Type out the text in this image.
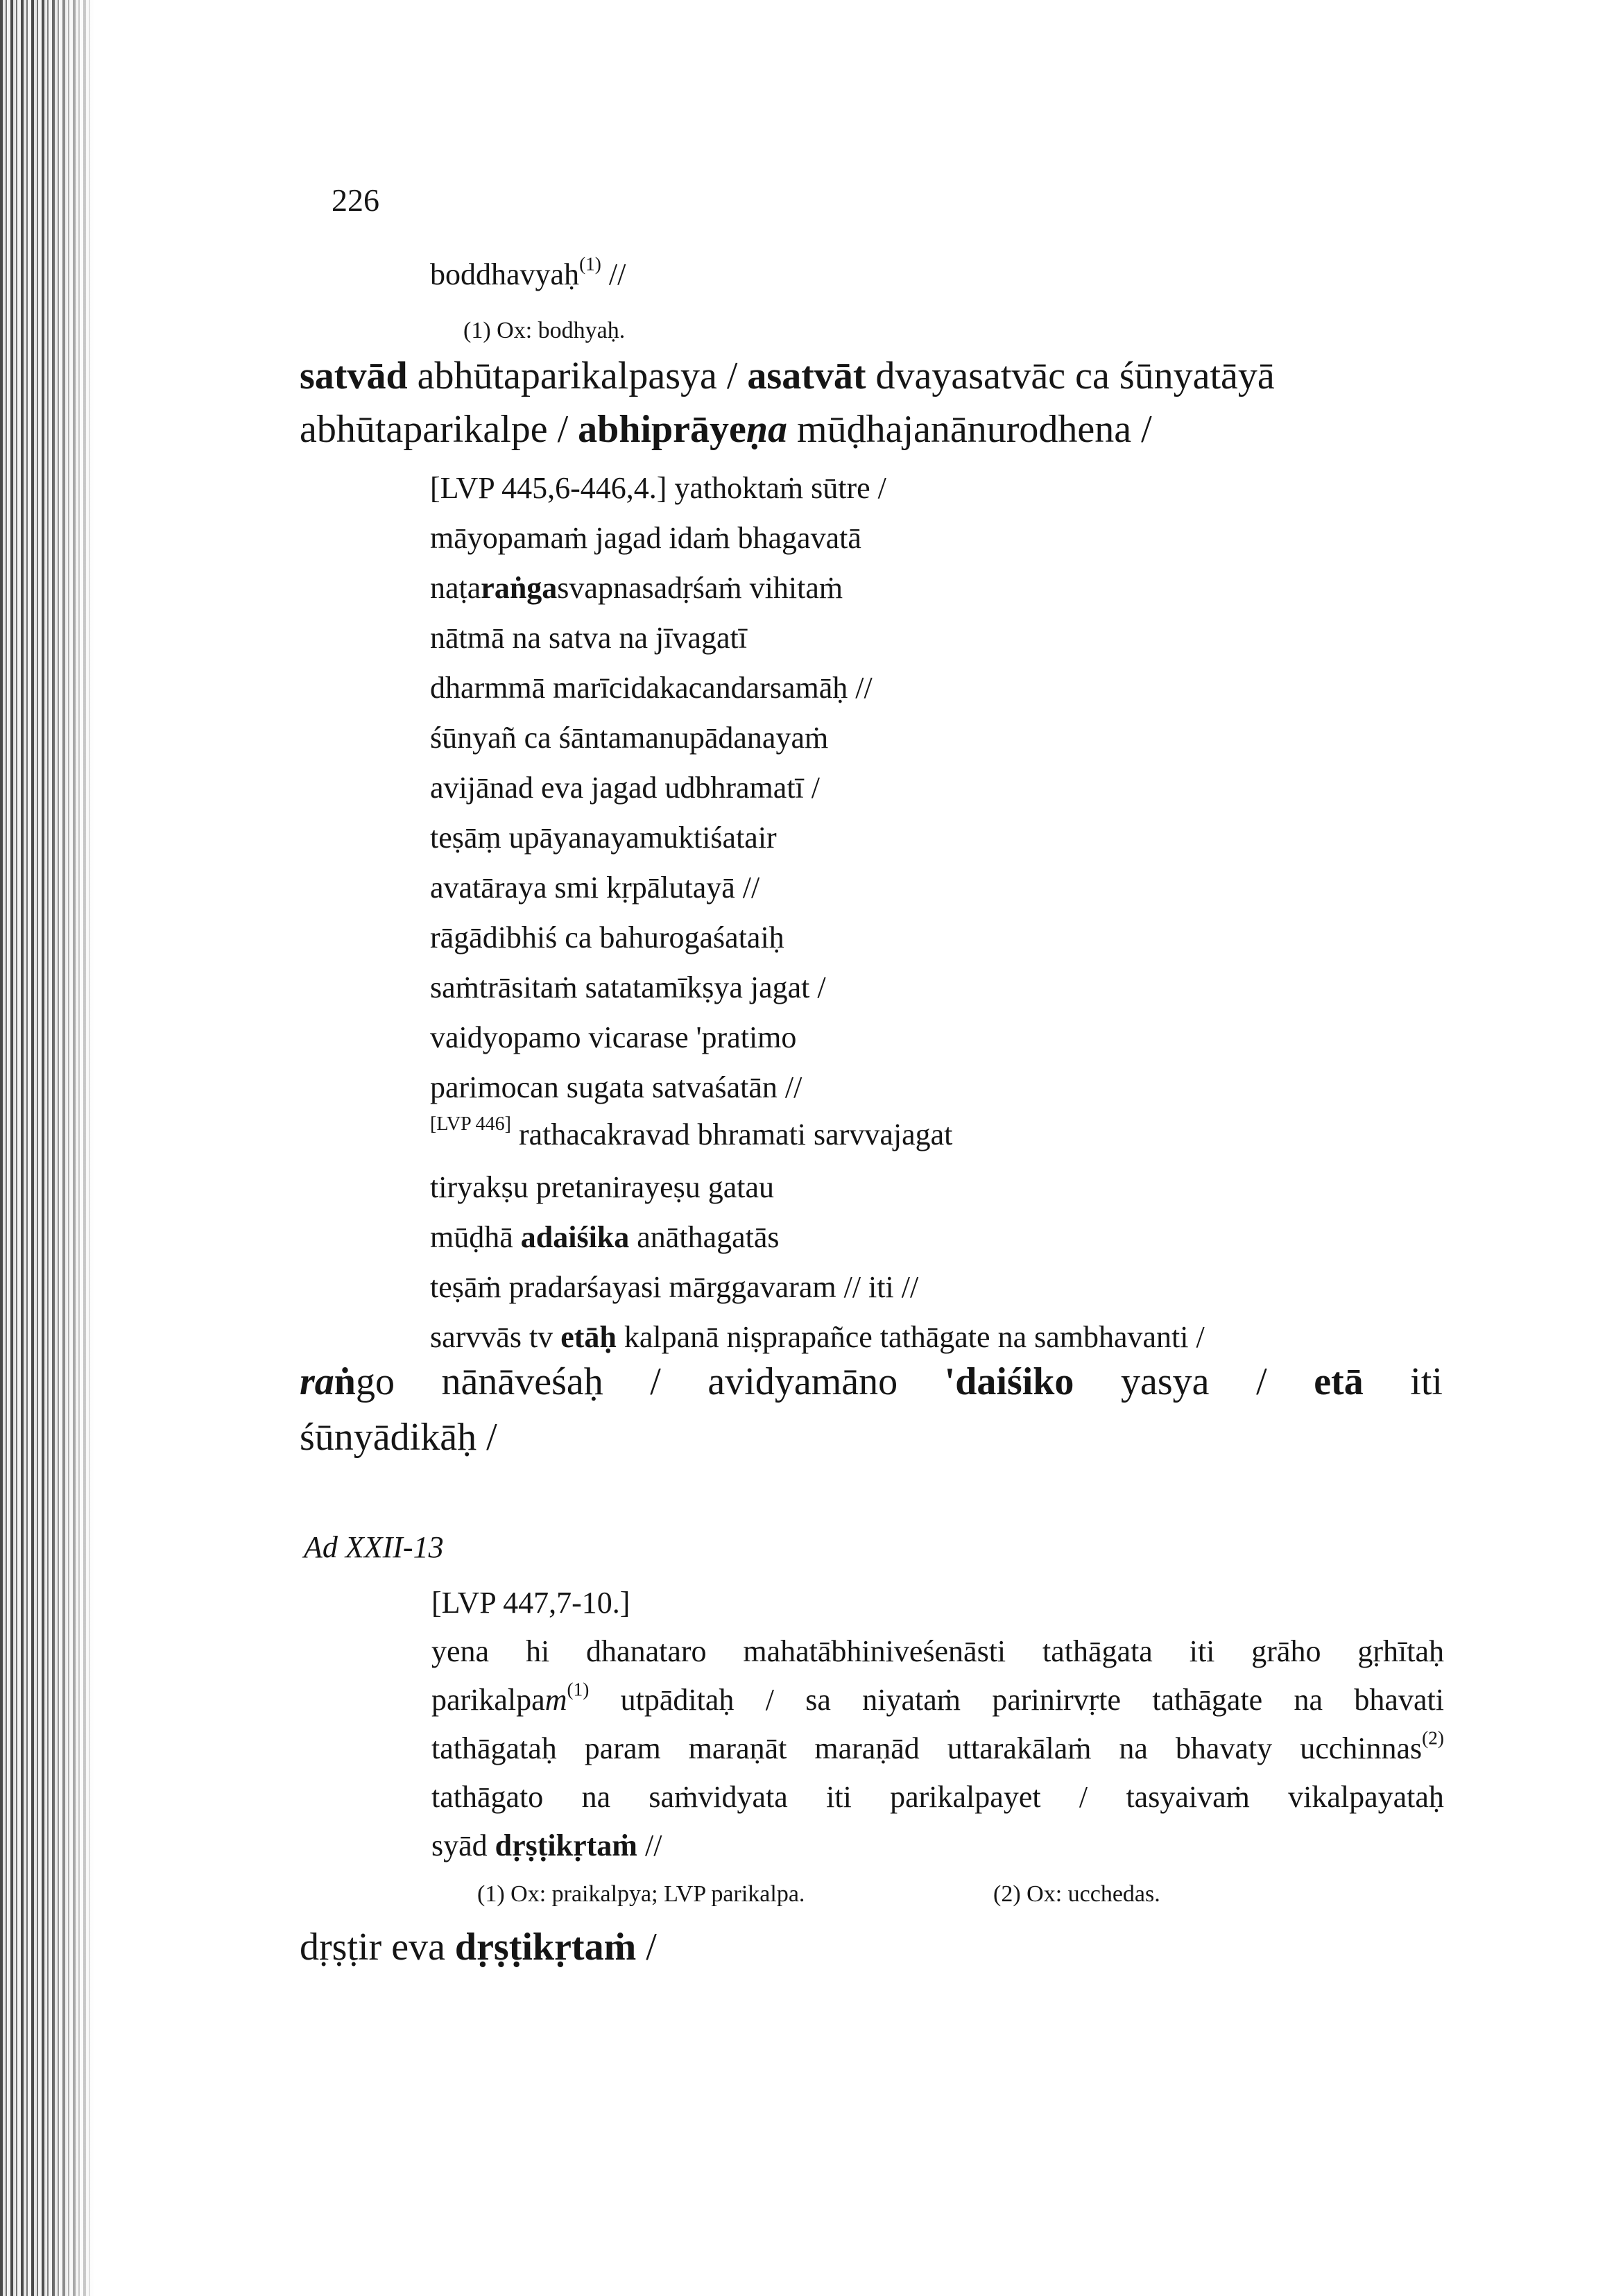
226
boddhavyaḥ$^{(1)}$ //
(1) Ox: bodhyaḥ.
satvād abhūtaparikalpasya / asatvāt dvayasatvāc ca śūnyatāyā
abhūtaparikalpe / abhiprāyeṇa mūḍhajanānurodhena /
[LVP 445,6-446,4.] yathoktaṁ sūtre /
māyopamaṁ jagad idaṁ bhagavatā
naṭaraṅgasvapnasadṛśaṁ vihitaṁ
nātmā na satva na jīvagatī
dharmmā marīcidakacandarsamāḥ //
śūnyañ ca śāntamanupādanayaṁ
avijānad eva jagad udbhramatī /
teṣāṃ upāyanayamuktiśatair
avatāraya smi kṛpālutayā //
rāgādibhiś ca bahurogaśataiḥ
saṁtrāsitaṁ satatamīkṣya jagat /
vaidyopamo vicarase 'pratimo
parimocan sugata satvaśatān //
[LVP 446] rathacakravad bhramati sarvvajagat
tiryakṣu pretanirayeṣu gatau
mūḍhā adaiśika anāthagatās
teṣāṁ pradarśayasi mārggavaram // iti //
sarvvās tv etāḥ kalpanā niṣprapañce tathāgate na sambhavanti /
raṅgo nānāveśaḥ / avidyamāno 'daiśiko yasya / etā iti
śūnyādikāḥ /
Ad XXII-13
[LVP 447,7-10.]
yena hi dhanataro mahatābhiniveśenāsti tathāgata iti grāho gṛhītaḥ
parikalpam$^{(1)}$ utpāditaḥ / sa niyataṁ parinirvṛte tathāgate na bhavati
tathāgataḥ param maraṇāt maraṇād uttarakālaṁ na bhavaty ucchinnas$^{(2)}$
tathāgato na saṁvidyata iti parikalpayet / tasyaivaṁ vikalpayataḥ
syād dṛṣṭikṛtaṁ //
(1) Ox: praikalpya; LVP parikalpa.	(2) Ox: ucchedas.
dṛṣṭir eva dṛṣṭikṛtaṁ /
